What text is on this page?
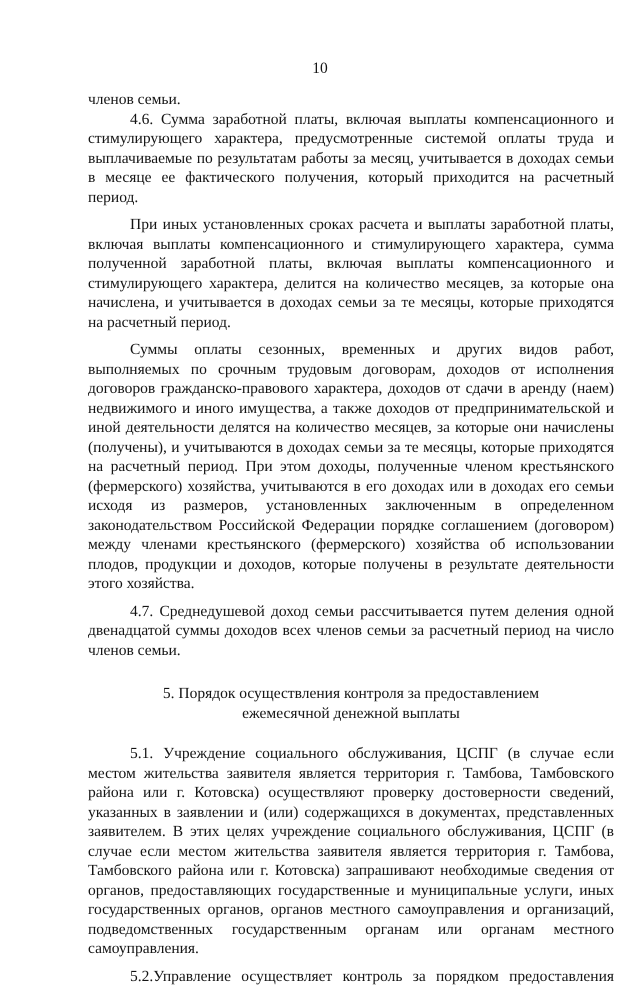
10

членов семьи.

4.6. Сумма заработной платы, включая выплаты компенсационного и стимулирующего характера, предусмотренные системой оплаты труда и выплачиваемые по результатам работы за месяц, учитывается в доходах семьи в месяце ее фактического получения, который приходится на расчетный период.

При иных установленных сроках расчета и выплаты заработной платы, включая выплаты компенсационного и стимулирующего характера, сумма полученной заработной платы, включая выплаты компенсационного и стимулирующего характера, делится на количество месяцев, за которые она начислена, и учитывается в доходах семьи за те месяцы, которые приходятся на расчетный период.

Суммы оплаты сезонных, временных и других видов работ, выполняемых по срочным трудовым договорам, доходов от исполнения договоров гражданско-правового характера, доходов от сдачи в аренду (наем) недвижимого и иного имущества, а также доходов от предпринимательской и иной деятельности делятся на количество месяцев, за которые они начислены (получены), и учитываются в доходах семьи за те месяцы, которые приходятся на расчетный период. При этом доходы, полученные членом крестьянского (фермерского) хозяйства, учитываются в его доходах или в доходах его семьи исходя из размеров, установленных заключенным в определенном законодательством Российской Федерации порядке соглашением (договором) между членами крестьянского (фермерского) хозяйства об использовании плодов, продукции и доходов, которые получены в результате деятельности этого хозяйства.

4.7. Среднедушевой доход семьи рассчитывается путем деления одной двенадцатой суммы доходов всех членов семьи за расчетный период на число членов семьи.

5. Порядок осуществления контроля за предоставлением
ежемесячной денежной выплаты

5.1. Учреждение социального обслуживания, ЦСПГ (в случае если местом жительства заявителя является территория г. Тамбова, Тамбовского района или г. Котовска) осуществляют проверку достоверности сведений, указанных в заявлении и (или) содержащихся в документах, представленных заявителем. В этих целях учреждение социального обслуживания, ЦСПГ (в случае если местом жительства заявителя является территория г. Тамбова, Тамбовского района или г. Котовска) запрашивают необходимые сведения от органов, предоставляющих государственные и муниципальные услуги, иных государственных органов, органов местного самоуправления и организаций, подведомственных государственным органам или органам местного самоуправления.

5.2.Управление осуществляет контроль за порядком предоставления
